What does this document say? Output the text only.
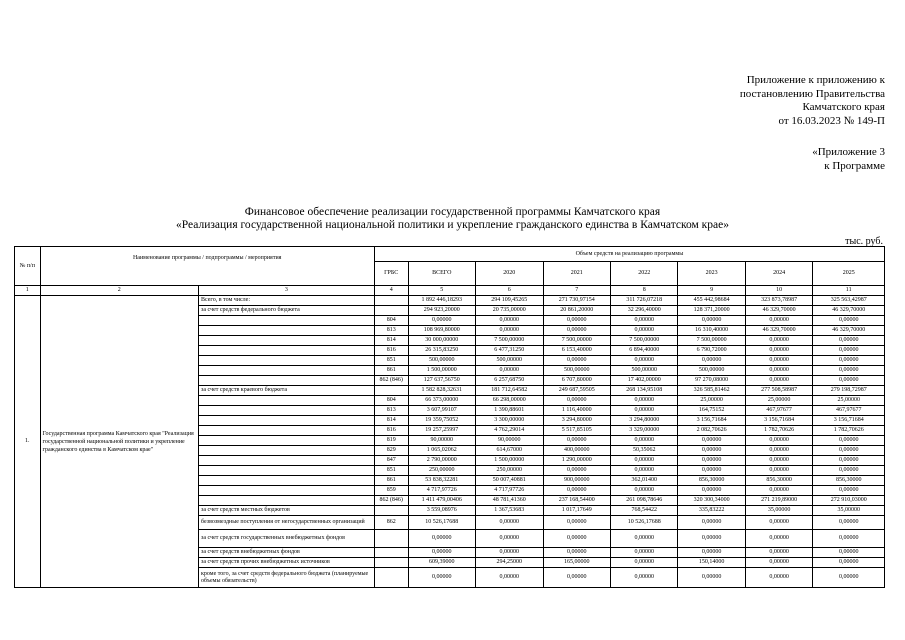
Приложение к приложению к
постановлению Правительства
Камчатского края
от 16.03.2023 № 149-П
«Приложение 3
к Программе
Финансовое обеспечение реализации государственной программы Камчатского края
«Реализация государственной национальной политики и укрепление гражданского единства в Камчатском крае»
тыс. руб.
№ п/п	Наименование программы / подпрограммы / мероприятия		Объем средств на реализацию программы							
			ГРБС	ВСЕГО	2020	2021	2022	2023	2024	2025
1	2	3	4	5	6	7	8	9	10	11
1.	Государственная программа Камчатского края "Реализация государственной национальной политики и укрепление гражданского единства в Камчатском крае"	Всего, в том числе:		1 892 446,18293	294 109,45265	271 730,97154	311 726,07218	455 442,98684	323 873,78987	325 563,42987
		за счет средств федерального бюджета		294 923,20000	20 735,00000	20 861,20000	32 296,40000	128 371,20000	46 329,70000	46 329,70000
			804	0,00000	0,00000	0,00000	0,00000	0,00000	0,00000	0,00000
			813	108 969,80000	0,00000	0,00000	0,00000	16 310,40000	46 329,70000	46 329,70000
			814	30 000,00000	7 500,00000	7 500,00000	7 500,00000	7 500,00000	0,00000	0,00000
			816	26 315,83250	6 477,31250	6 153,40000	6 894,40000	6 790,72000	0,00000	0,00000
			851	500,00000	500,00000	0,00000	0,00000	0,00000	0,00000	0,00000
			861	1 500,00000	0,00000	500,00000	500,00000	500,00000	0,00000	0,00000
			862 (846)	127 637,56750	6 257,68750	6 707,80000	17 402,00000	97 270,08000	0,00000	0,00000
		за счет средств краевого бюджета		1 582 828,32631	181 712,64582	249 687,59505	268 134,95108	326 585,81462	277 508,58987	279 198,72987
			804	66 373,00000	66 298,00000	0,00000	0,00000	25,00000	25,00000	25,00000
			813	3 607,99107	1 390,88601	1 116,40000	0,00000	164,75152	467,97677	467,97677
			814	19 359,75052	3 300,00000	3 294,80000	3 294,80000	3 156,71684	3 156,71684	3 156,71684
			816	19 257,25997	4 762,29014	5 517,85105	3 329,00000	2 082,70626	1 782,70626	1 782,70626
			819	90,00000	90,00000	0,00000	0,00000	0,00000	0,00000	0,00000
			829	1 065,02062	614,67000	400,00000	50,35062	0,00000	0,00000	0,00000
			847	2 790,00000	1 500,00000	1 290,00000	0,00000	0,00000	0,00000	0,00000
			851	250,00000	250,00000	0,00000	0,00000	0,00000	0,00000	0,00000
			861	53 838,32281	50 007,40881	900,00000	362,01400	856,30000	856,30000	856,30000
			859	4 717,97726	4 717,97726	0,00000	0,00000	0,00000	0,00000	0,00000
			862 (846)	1 411 479,00406	48 781,41360	237 168,54400	261 098,78646	320 300,34000	271 219,89000	272 910,03000
		за счет средств местных бюджетов		3 559,08976	1 367,53683	1 017,17649	768,54422	335,83222	35,00000	35,00000
		безвозмездные поступления от негосударственных организаций	862	10 526,17688	0,00000	0,00000	10 526,17688	0,00000	0,00000	0,00000
		за счет средств государственных внебюджетных фондов		0,00000	0,00000	0,00000	0,00000	0,00000	0,00000	0,00000
		за счет средств внебюджетных фондов		0,00000	0,00000	0,00000	0,00000	0,00000	0,00000	0,00000
		за счет средств прочих внебюджетных источников		609,39000	294,25000	165,00000	0,00000	150,14000	0,00000	0,00000
		кроме того, за счет средств федерального бюджета (планируемые объемы обязательств)		0,00000	0,00000	0,00000	0,00000	0,00000	0,00000	0,00000
